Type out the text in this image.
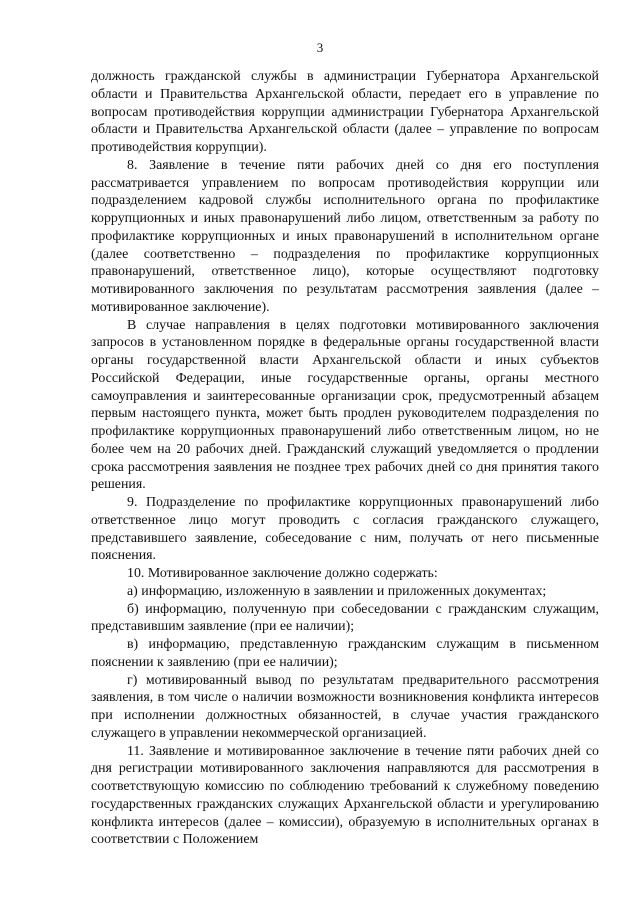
3

должность гражданской службы в администрации Губернатора Архангельской области и Правительства Архангельской области, передает его в управление по вопросам противодействия коррупции администрации Губернатора Архангельской области и Правительства Архангельской области (далее – управление по вопросам противодействия коррупции).

8. Заявление в течение пяти рабочих дней со дня его поступления рассматривается управлением по вопросам противодействия коррупции или подразделением кадровой службы исполнительного органа по профилактике коррупционных и иных правонарушений либо лицом, ответственным за работу по профилактике коррупционных и иных правонарушений в исполнительном органе (далее соответственно – подразделения по профилактике коррупционных правонарушений, ответственное лицо), которые осуществляют подготовку мотивированного заключения по результатам рассмотрения заявления (далее – мотивированное заключение).

В случае направления в целях подготовки мотивированного заключения запросов в установленном порядке в федеральные органы государственной власти органы государственной власти Архангельской области и иных субъектов Российской Федерации, иные государственные органы, органы местного самоуправления и заинтересованные организации срок, предусмотренный абзацем первым настоящего пункта, может быть продлен руководителем подразделения по профилактике коррупционных правонарушений либо ответственным лицом, но не более чем на 20 рабочих дней. Гражданский служащий уведомляется о продлении срока рассмотрения заявления не позднее трех рабочих дней со дня принятия такого решения.

9. Подразделение по профилактике коррупционных правонарушений либо ответственное лицо могут проводить с согласия гражданского служащего, представившего заявление, собеседование с ним, получать от него письменные пояснения.

10. Мотивированное заключение должно содержать:

а) информацию, изложенную в заявлении и приложенных документах;

б) информацию, полученную при собеседовании с гражданским служащим, представившим заявление (при ее наличии);

в) информацию, представленную гражданским служащим в письменном пояснении к заявлению (при ее наличии);

г) мотивированный вывод по результатам предварительного рассмотрения заявления, в том числе о наличии возможности возникновения конфликта интересов при исполнении должностных обязанностей, в случае участия гражданского служащего в управлении некоммерческой организацией.

11. Заявление и мотивированное заключение в течение пяти рабочих дней со дня регистрации мотивированного заключения направляются для рассмотрения в соответствующую комиссию по соблюдению требований к служебному поведению государственных гражданских служащих Архангельской области и урегулированию конфликта интересов (далее – комиссии), образуемую в исполнительных органах в соответствии с Положением
